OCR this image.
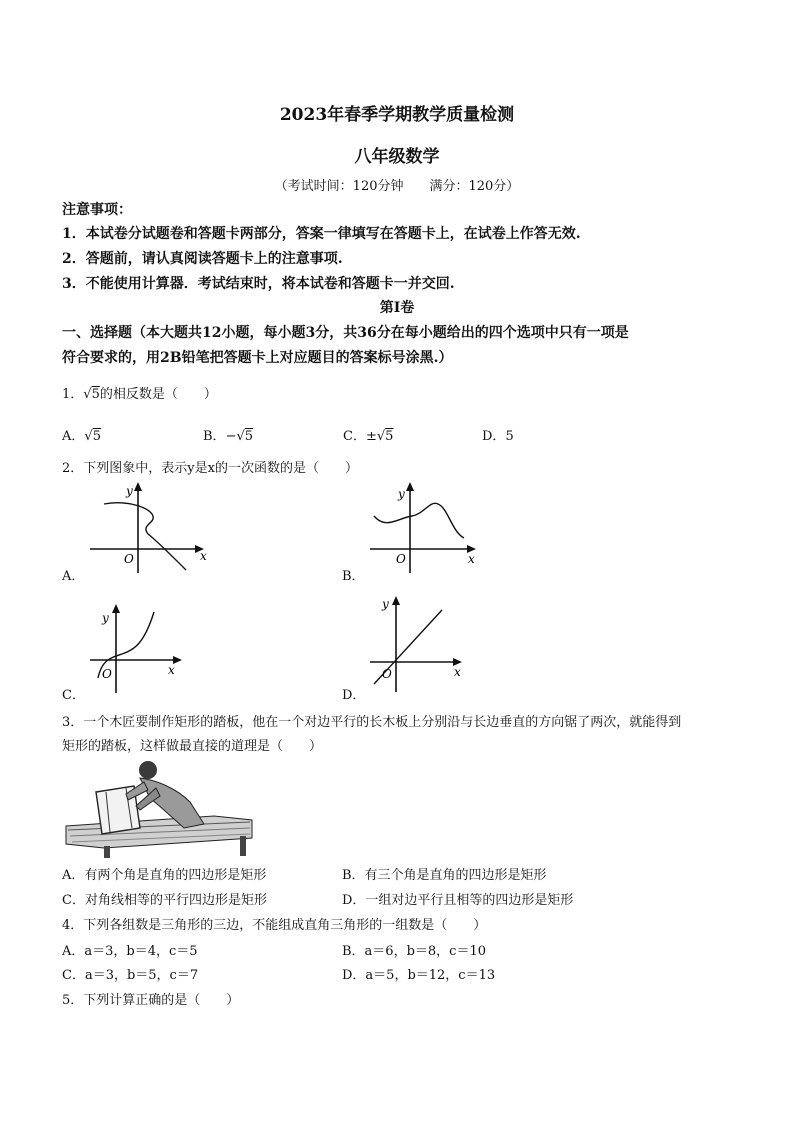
2023年春季学期教学质量检测
八年级数学
（考试时间：120分钟　　满分：120分）
注意事项：
1．本试卷分试题卷和答题卡两部分，答案一律填写在答题卡上，在试卷上作答无效.
2．答题前，请认真阅读答题卡上的注意事项.
3．不能使用计算器．考试结束时，将本试卷和答题卡一并交回.
第Ⅰ卷
一、选择题（本大题共12小题，每小题3分，共36分在每小题给出的四个选项中只有一项是
符合要求的，用2B铅笔把答题卡上对应题目的答案标号涂黑.）
1．√5的相反数是（　　）
A．√5	B．−√5	C．±√5	D．5
2．下列图象中，表示y是x的一次函数的是（　　）
y
O	x
A．
y
O	x
B．
y
O	x
C．
y
O	x
D．
3．一个木匠要制作矩形的踏板，他在一个对边平行的长木板上分别沿与长边垂直的方向锯了两次，就能得到
矩形的踏板，这样做最直接的道理是（　　）
A．有两个角是直角的四边形是矩形	B．有三个角是直角的四边形是矩形
C．对角线相等的平行四边形是矩形	D．一组对边平行且相等的四边形是矩形
4．下列各组数是三角形的三边，不能组成直角三角形的一组数是（　　）
A．a＝3，b＝4，c＝5	B．a＝6，b＝8，c＝10
C．a＝3，b＝5，c＝7	D．a＝5，b＝12，c＝13
5．下列计算正确的是（　　）
